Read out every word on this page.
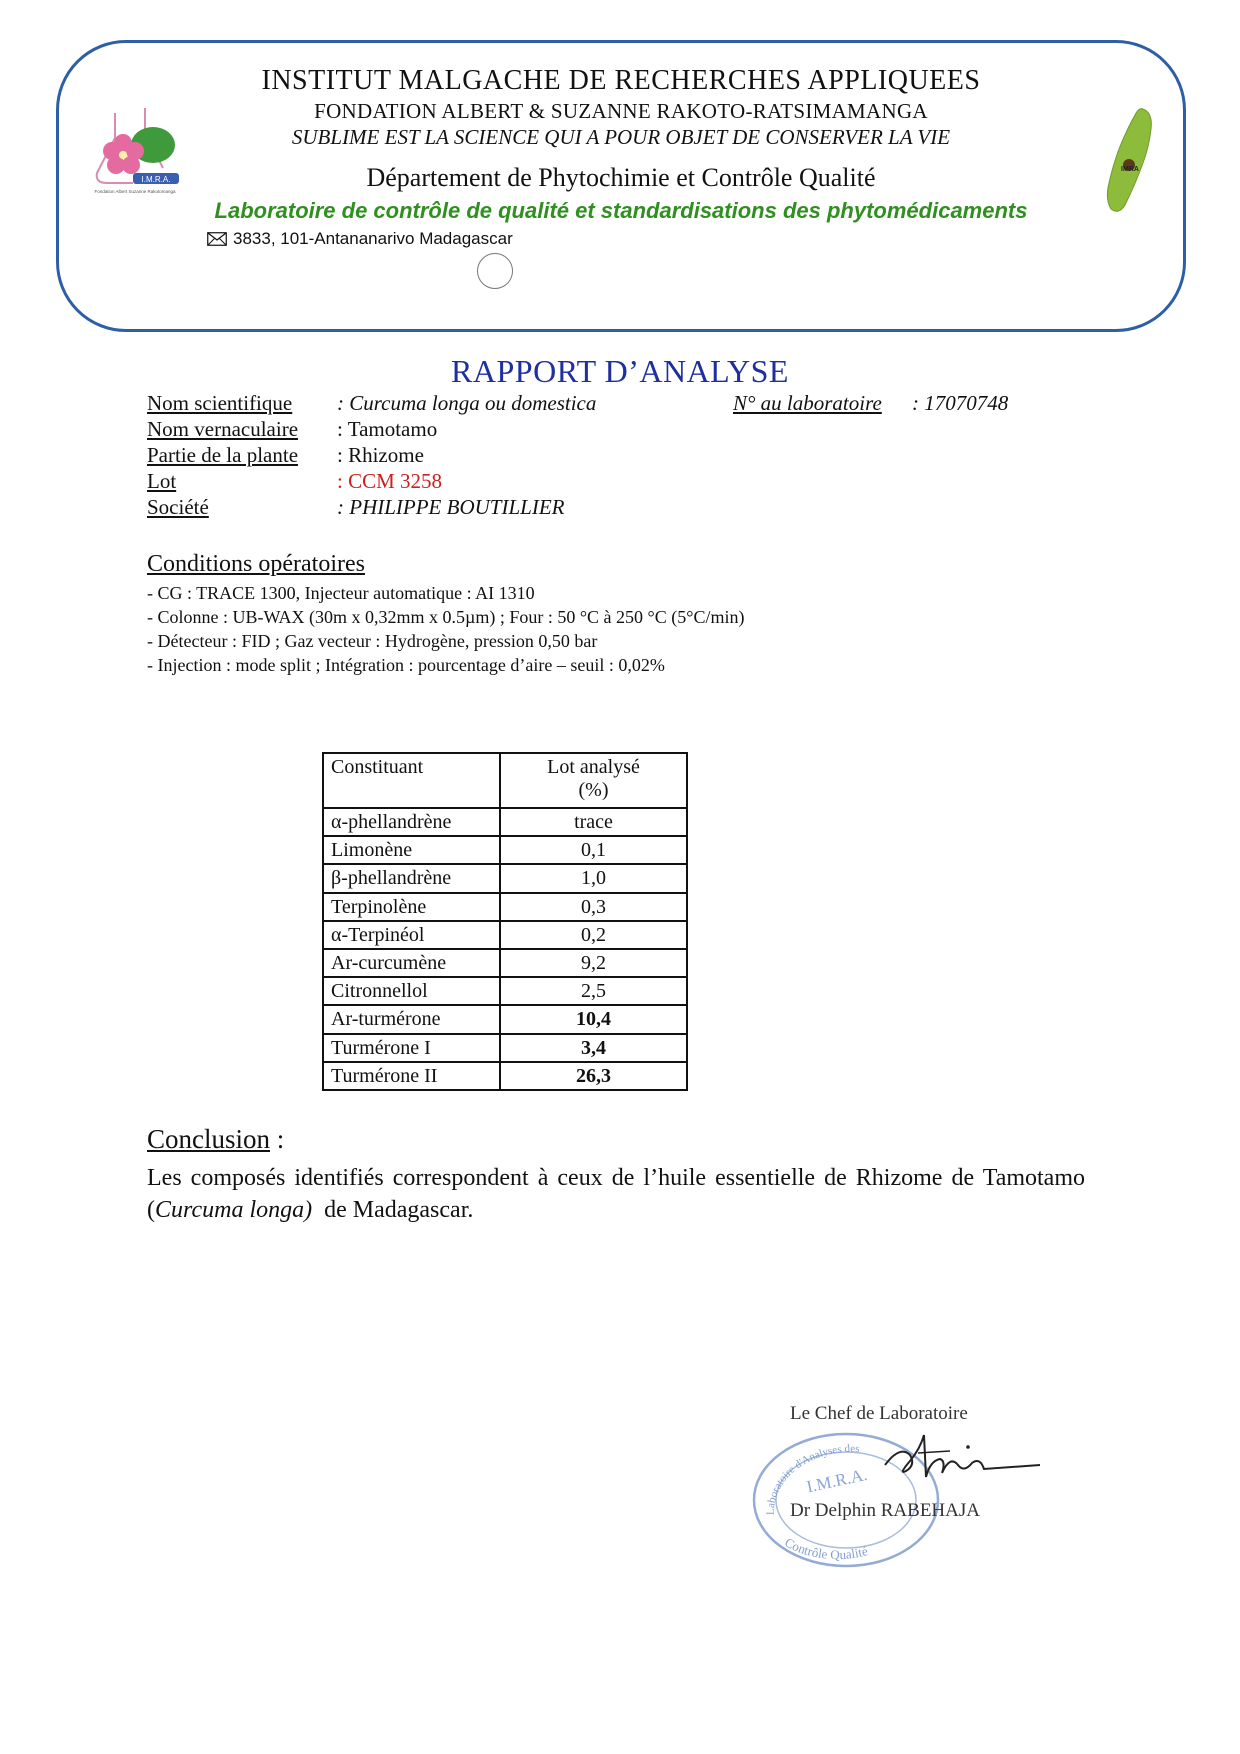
I.M.R.A.
Fondation Albert Suzanne Rakotomanga
INSTITUT MALGACHE DE RECHERCHES APPLIQUEES
FONDATION ALBERT & SUZANNE RAKOTO-RATSIMAMANGA
SUBLIME EST LA SCIENCE QUI A POUR OBJET DE CONSERVER LA VIE
Département de Phytochimie et Contrôle Qualité
Laboratoire de contrôle de qualité et standardisations des phytomédicaments
3833, 101-Antananarivo Madagascar
IMRA
RAPPORT D’ANALYSE
Nom scientifique : Curcuma longa ou domestica
Nom vernaculaire : Tamotamo
Partie de la plante : Rhizome
Lot	: CCM 3258
Société	: PHILIPPE BOUTILLIER
N° au laboratoire : 17070748
Conditions opératoires
- CG : TRACE 1300, Injecteur automatique : AI 1310
- Colonne : UB-WAX (30m x 0,32mm x 0.5µm) ; Four : 50 °C à 250 °C (5°C/min)
- Détecteur : FID ; Gaz vecteur : Hydrogène, pression 0,50 bar
- Injection : mode split ; Intégration : pourcentage d’aire – seuil : 0,02%
Constituant	Lot analysé
(%)

α-phellandrène	trace
Limonène	0,1
β-phellandrène	1,0
Terpinolène	0,3
α-Terpinéol	0,2
Ar-curcumène	9,2
Citronnellol	2,5
Ar-turmérone	10,4
Turmérone I	3,4
Turmérone II	26,3
Conclusion :
Les composés identifiés correspondent à ceux de l’huile essentielle de Rhizome de Tamotamo (Curcuma longa)  de Madagascar.
Laboratoire d'Analyses des
I.M.R.A.
Contrôle Qualité
Le Chef de Laboratoire
Dr Delphin RABEHAJA
